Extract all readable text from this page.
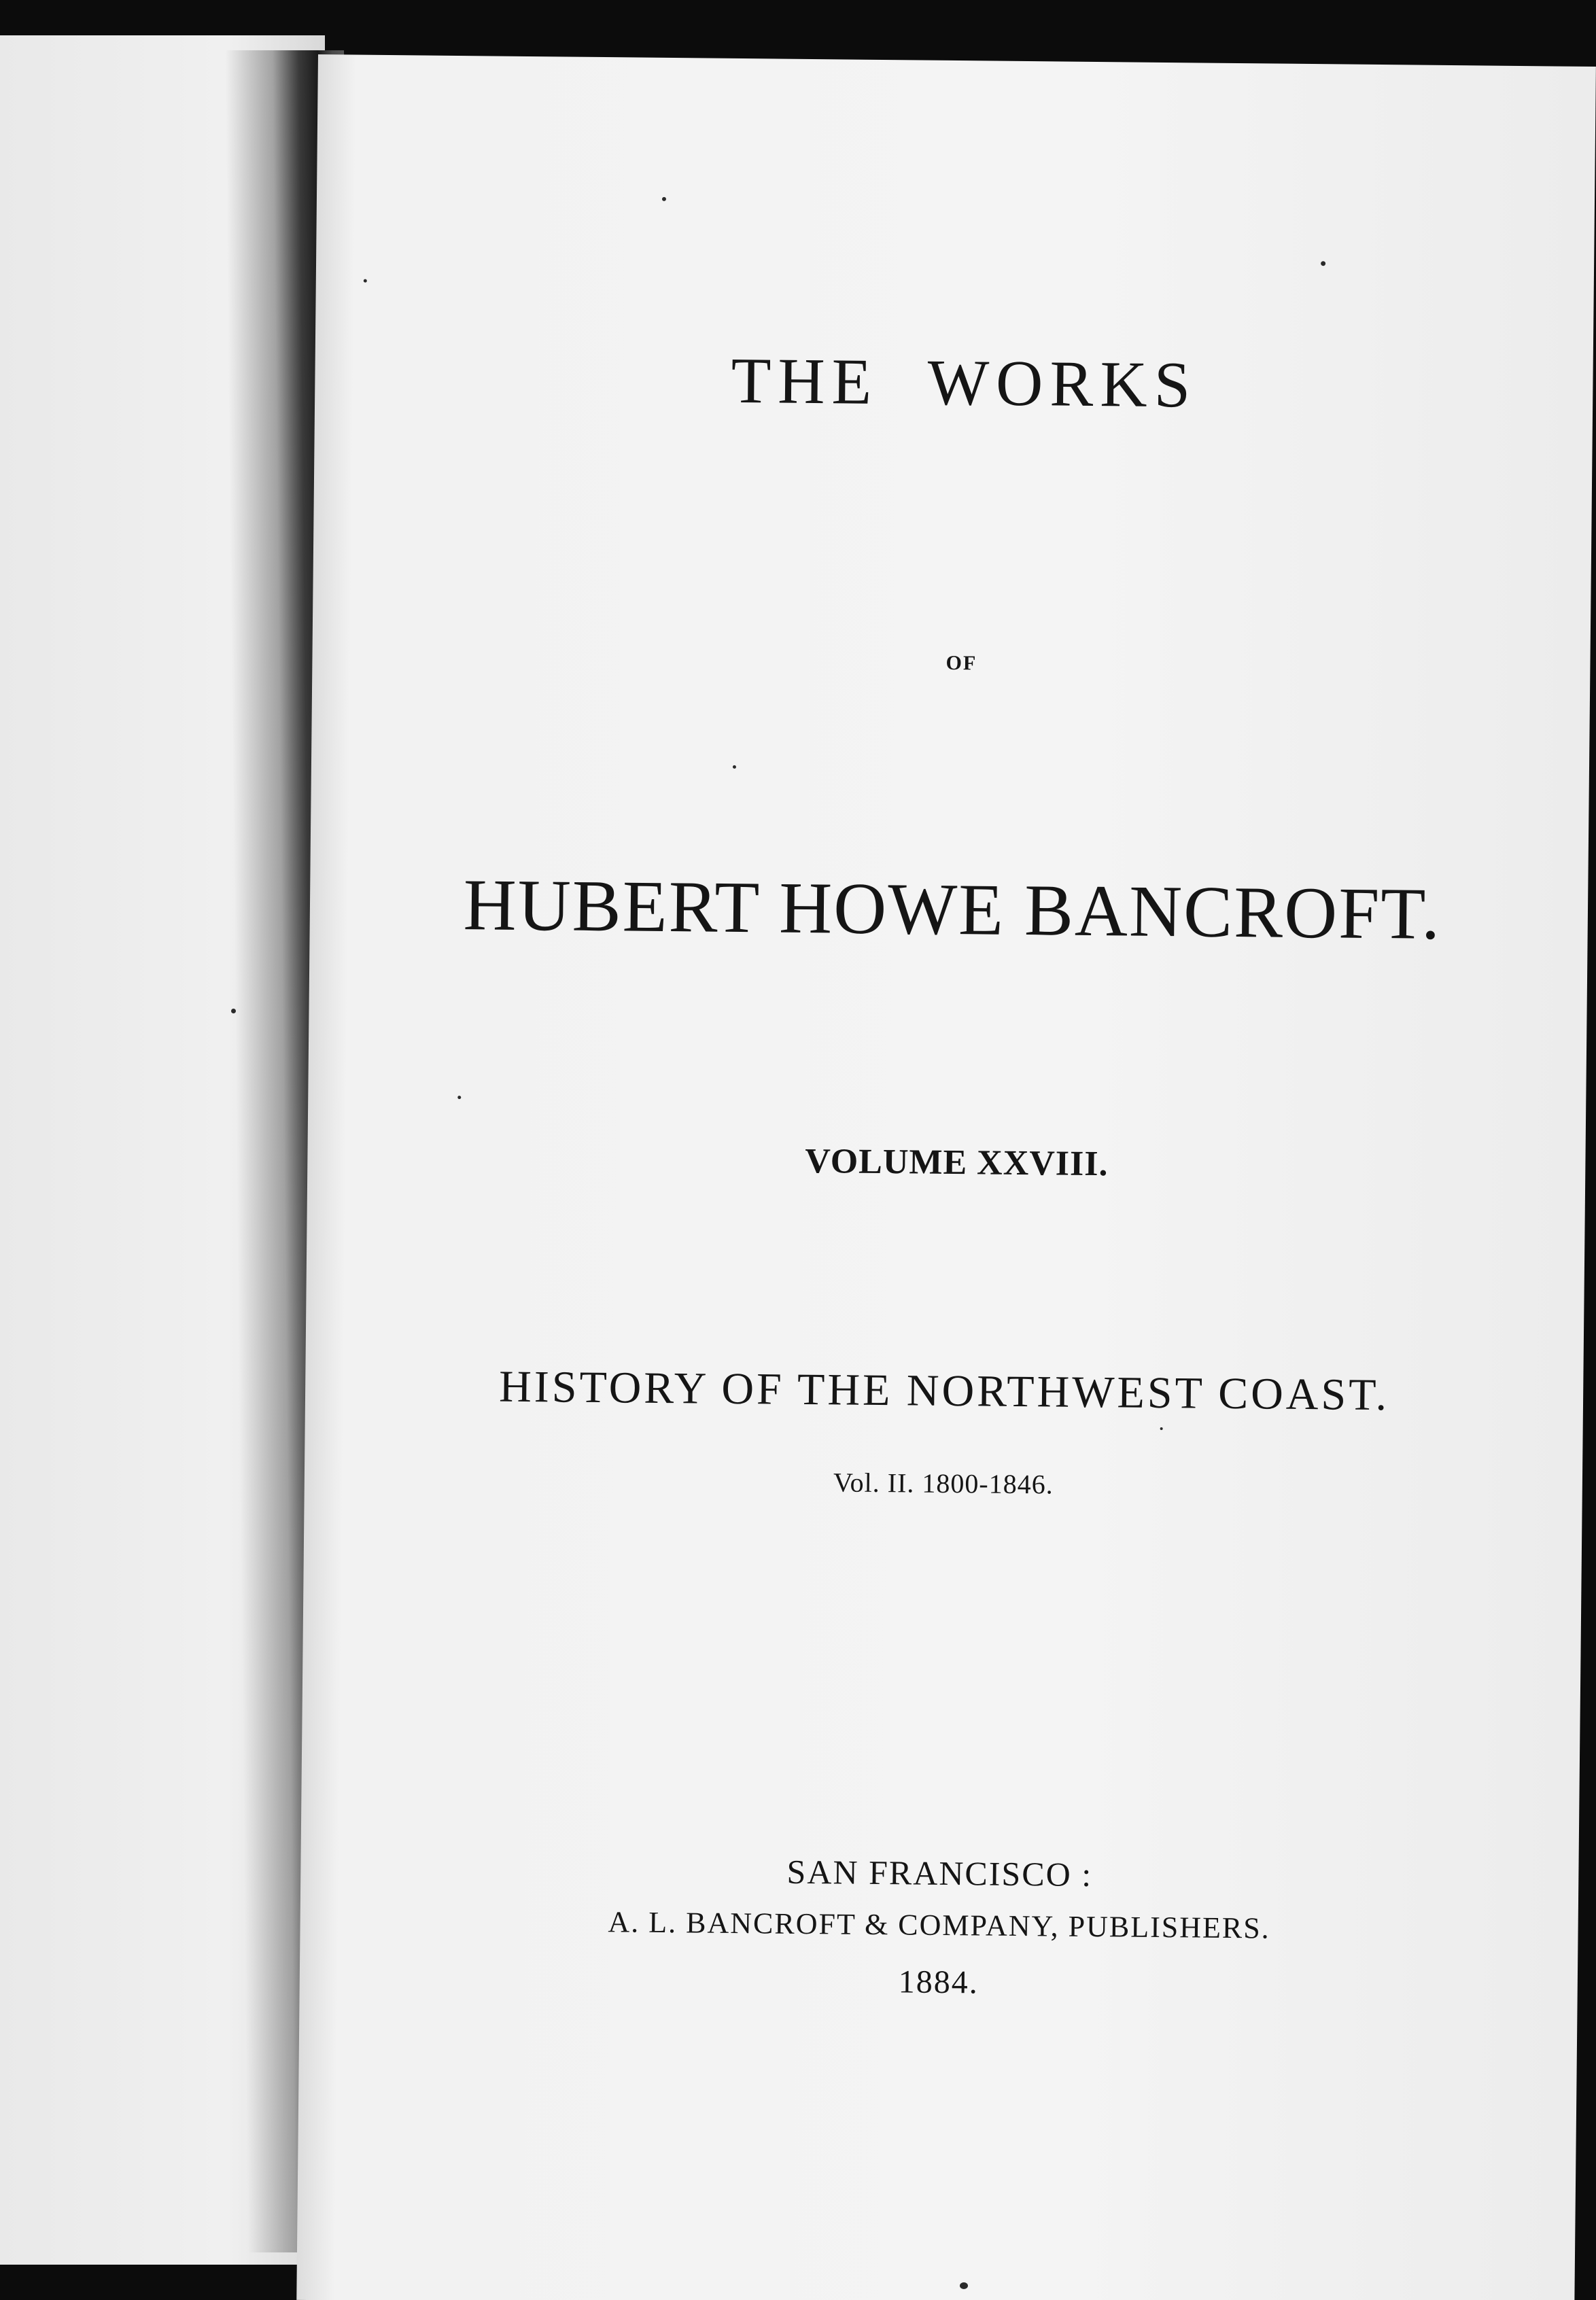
THE WORKS
OF
HUBERT HOWE BANCROFT.
VOLUME XXVIII.
HISTORY OF THE NORTHWEST COAST.
Vol. II. 1800-1846.
SAN FRANCISCO :
A. L. BANCROFT & COMPANY, PUBLISHERS.
1884.
